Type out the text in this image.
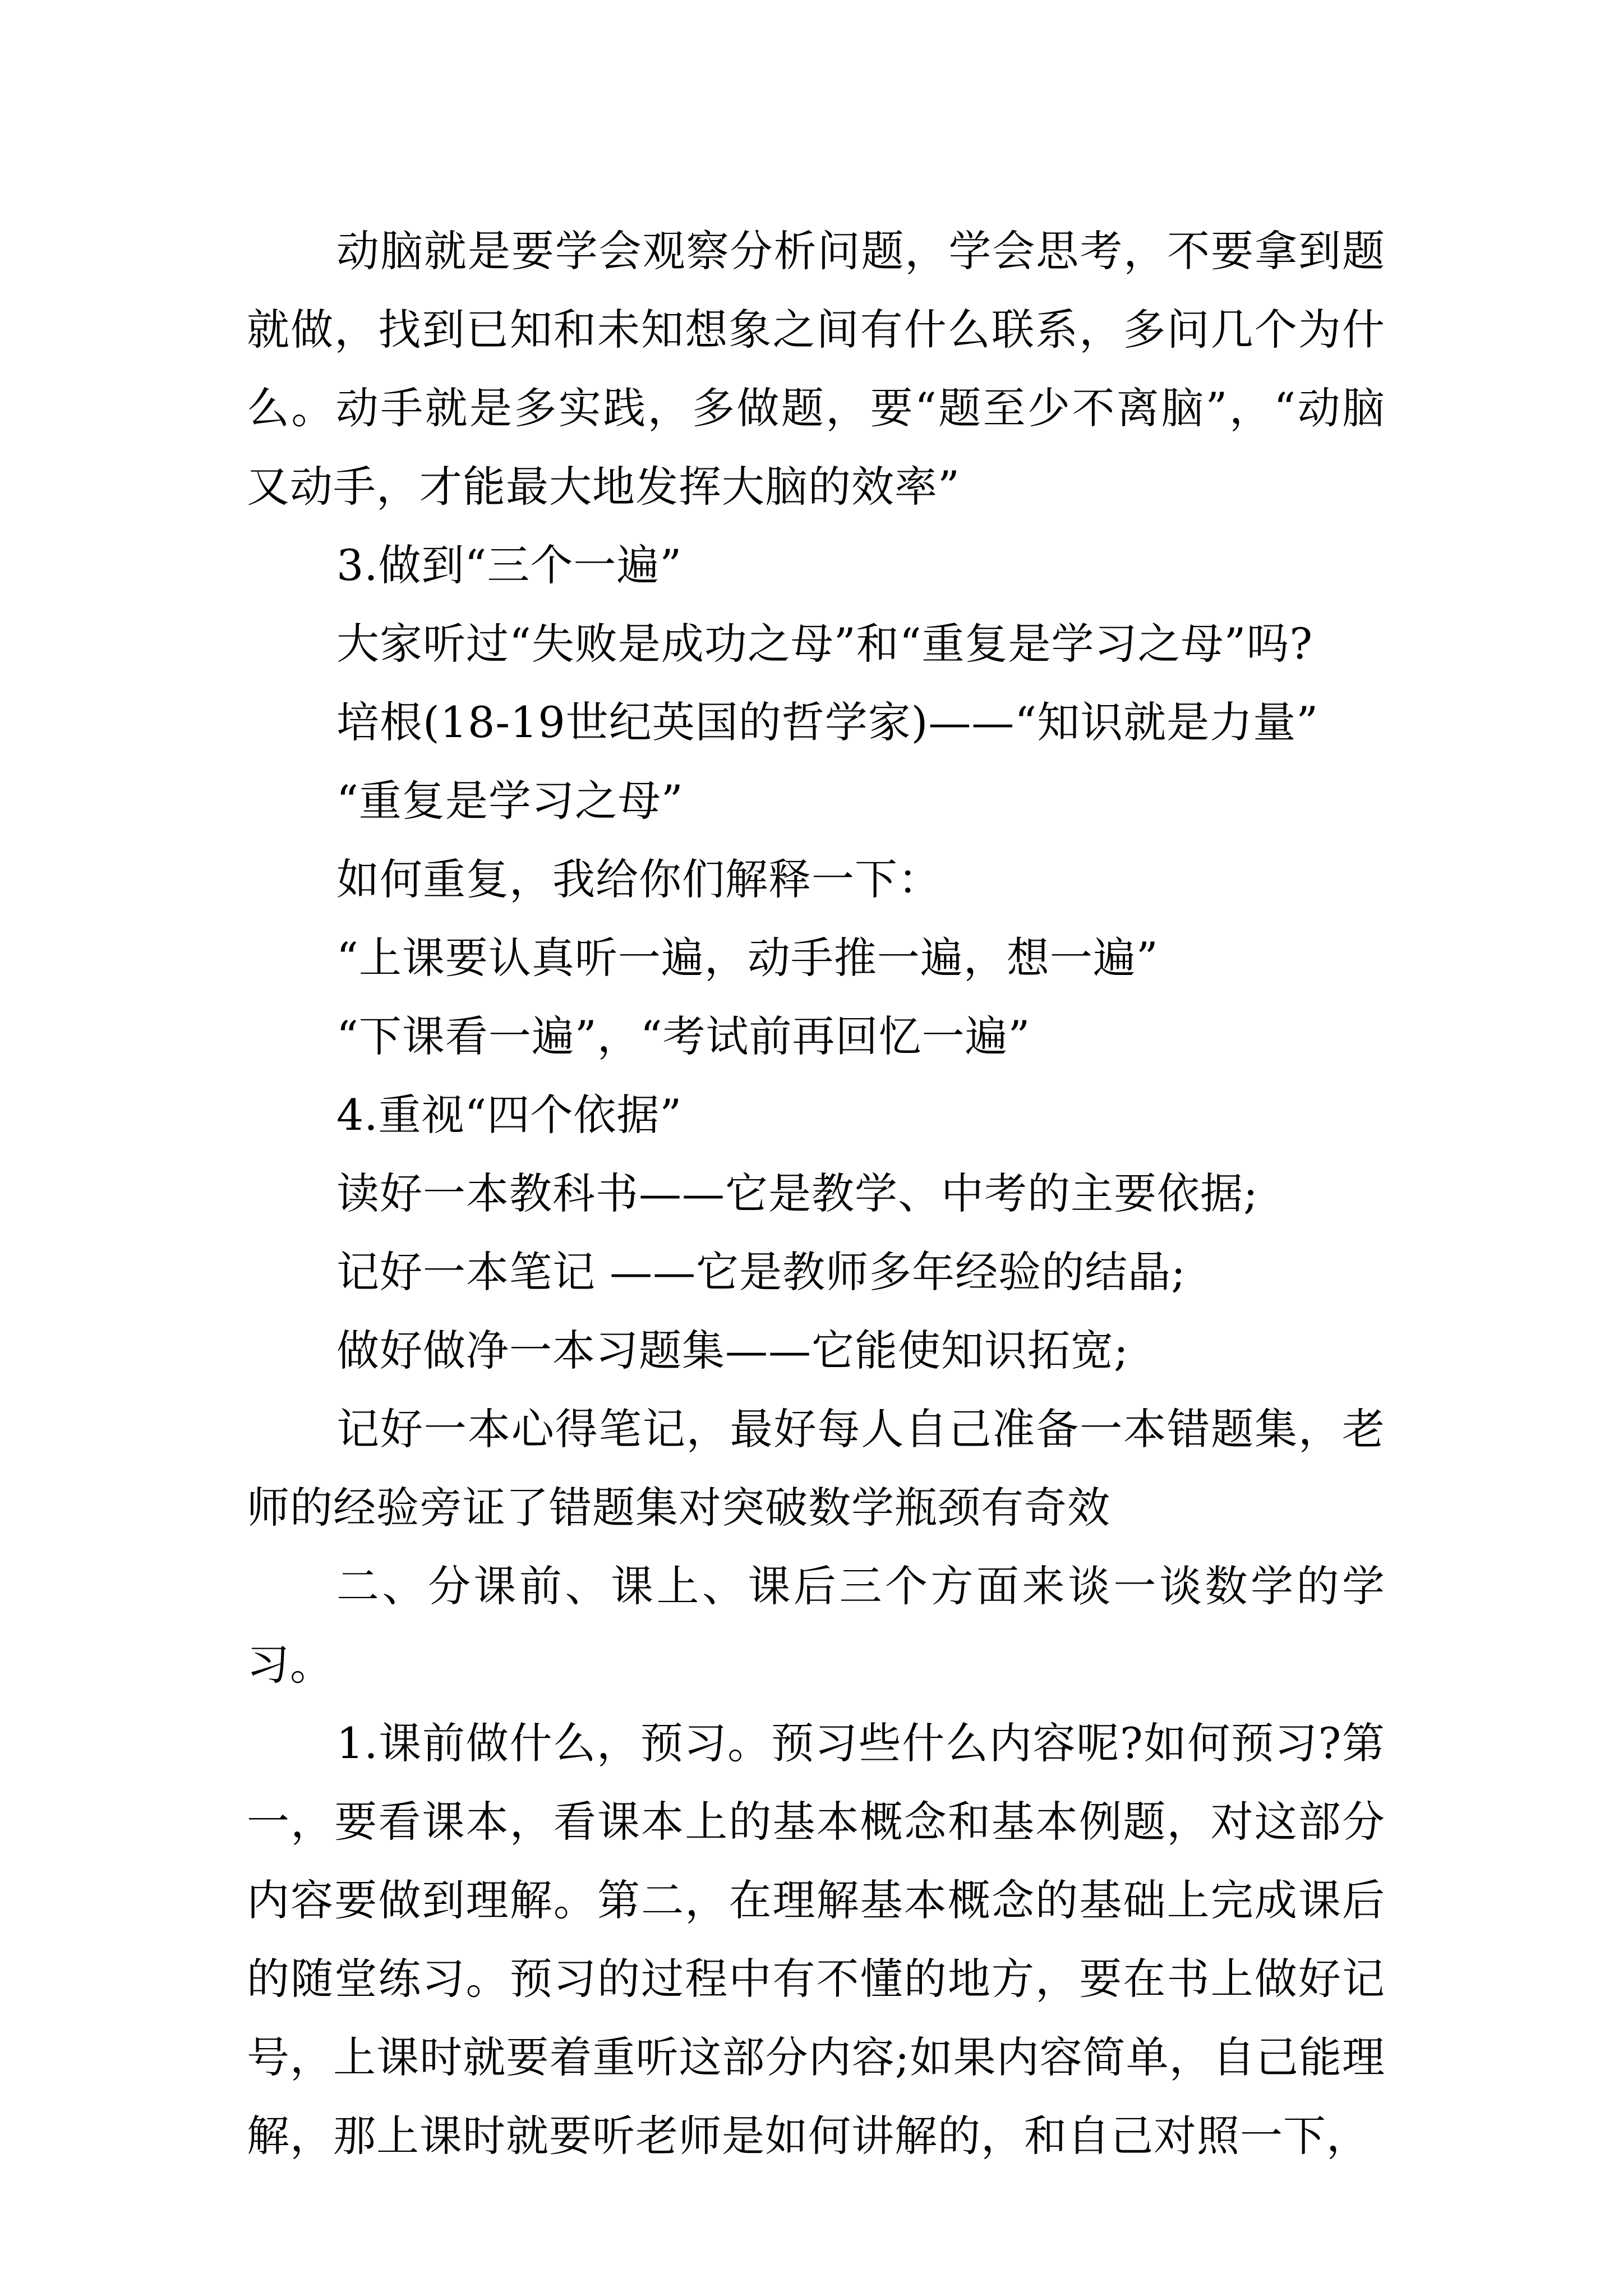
动脑就是要学会观察分析问题，学会思考，不要拿到题就做，找到已知和未知想象之间有什么联系，多问几个为什么。动手就是多实践，多做题，要“题至少不离脑”，“动脑又动手，才能最大地发挥大脑的效率”

3.做到“三个一遍”

大家听过“失败是成功之母”和“重复是学习之母”吗?

培根(18-19世纪英国的哲学家)——“知识就是力量”

“重复是学习之母”

如何重复，我给你们解释一下：

“上课要认真听一遍，动手推一遍，想一遍”

“下课看一遍”，“考试前再回忆一遍”

4.重视“四个依据”

读好一本教科书——它是教学、中考的主要依据;

记好一本笔记 ——它是教师多年经验的结晶;

做好做净一本习题集——它能使知识拓宽;

记好一本心得笔记，最好每人自己准备一本错题集，老师的经验旁证了错题集对突破数学瓶颈有奇效

二、分课前、课上、课后三个方面来谈一谈数学的学习。

1.课前做什么，预习。预习些什么内容呢?如何预习?第一，要看课本，看课本上的基本概念和基本例题，对这部分内容要做到理解。第二，在理解基本概念的基础上完成课后的随堂练习。预习的过程中有不懂的地方，要在书上做好记号，上课时就要着重听这部分内容;如果内容简单，自己能理解，那上课时就要听老师是如何讲解的，和自己对照一下，
